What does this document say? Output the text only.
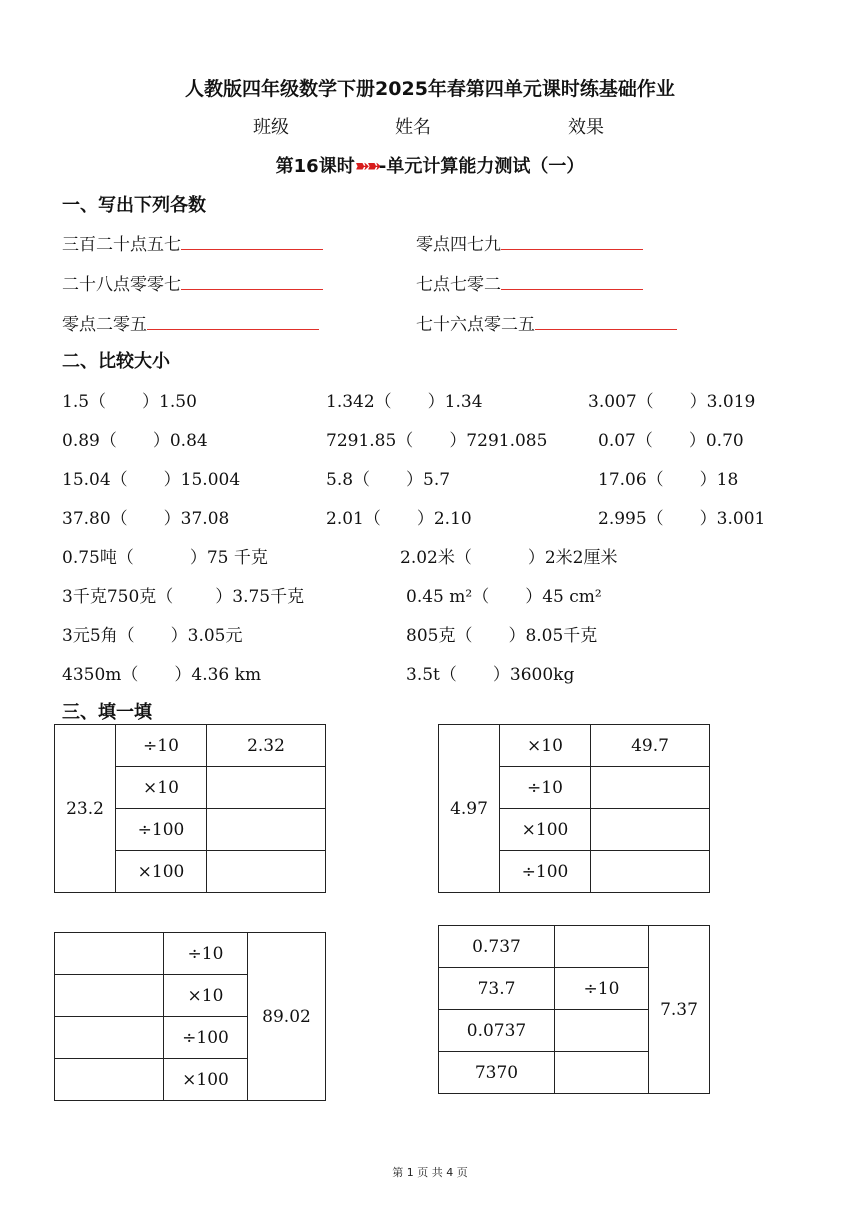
人教版四年级数学下册2025年春第四单元课时练基础作业
班级	姓名	效果
第16课时➽➽-单元计算能力测试（一）
一、写出下列各数
三百二十点五七	零点四七九
二十八点零零七	七点七零二
零点二零五	七十六点零二五
二、比较大小
1.5（ ）1.50	1.342（ ）1.34	3.007（ ）3.019
0.89（ ）0.84	7291.85（ ）7291.085	0.07（ ）0.70
15.04（ ）15.004	5.8（ ）5.7	17.06（ ）18
37.80（ ）37.08	2.01（ ）2.10	2.995（ ）3.001
0.75吨（	）75 千克	2.02米（	）2米2厘米
3千克750克（ ）3.75千克	0.45 m²（ ）45 cm²
3元5角（ ）3.05元	805克（ ）8.05千克
4350m（ ）4.36 km	3.5t（ ）3600kg
三、填一填
23.2	÷10	2.32
	×10	
	÷100	
	×100	
4.97	×10	49.7
	÷10	
	×100	
	÷100	
	÷10	89.02
	×10	
	÷100	
	×100	
0.737		7.37
73.7	÷10	
0.0737		
7370		
第 1 页 共 4 页
